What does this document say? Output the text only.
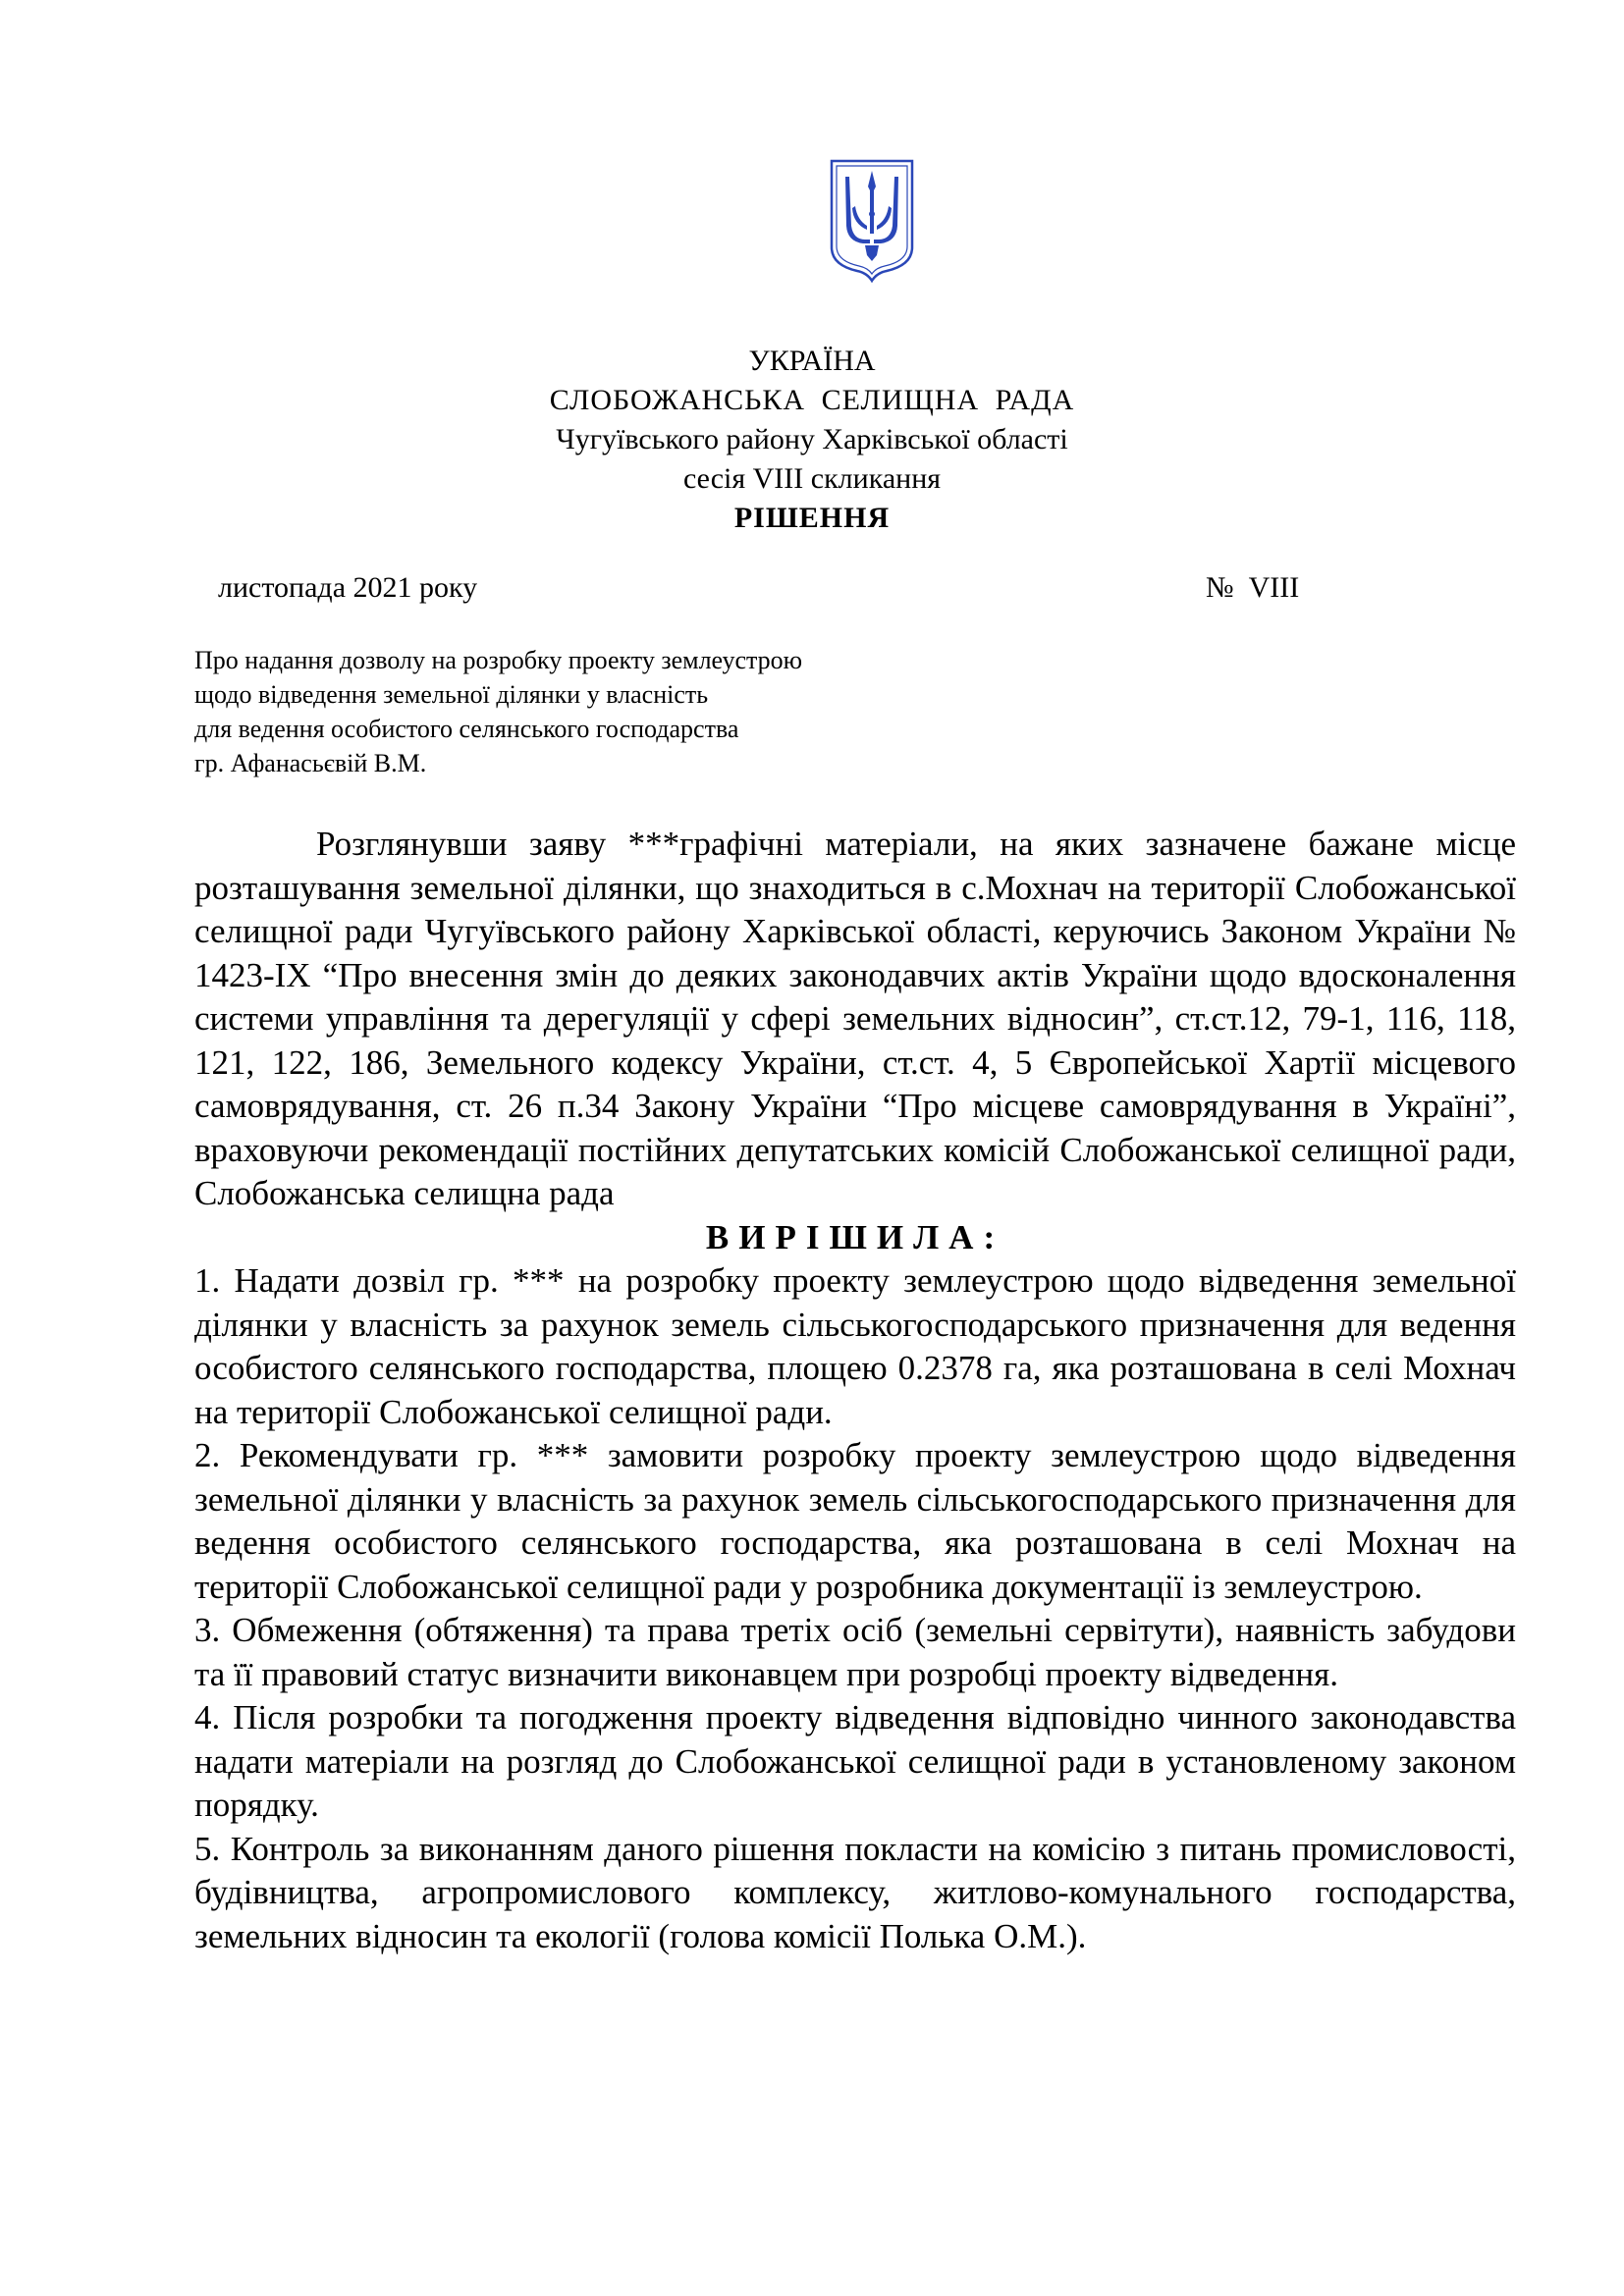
УКРАЇНА
СЛОБОЖАНСЬКА СЕЛИЩНА РАДА
Чугуївського району Харківської області
сесія VIII скликання
РІШЕННЯ
листопада 2021 року	№ VIII
Про надання дозволу на розробку проекту землеустрою
щодо відведення земельної ділянки у власність
для ведення особистого селянського господарства
гр. Афанасьєвій В.М.

Розглянувши заяву ***графічні матеріали, на яких зазначене бажане місце розташування земельної ділянки, що знаходиться в с.Мохнач на території Слобожанської селищної ради Чугуївського району Харківської області, керуючись Законом України № 1423-IX “Про внесення змін до деяких законодавчих актів України щодо вдосконалення системи управління та дерегуляції у сфері земельних відносин”, ст.ст.12, 79-1, 116, 118, 121, 122, 186, Земельного кодексу України, ст.ст. 4, 5 Європейської Хартії місцевого самоврядування, ст. 26 п.34 Закону України “Про місцеве самоврядування в Україні”, враховуючи рекомендації постійних депутатських комісій Слобожанської селищної ради, Слобожанська селищна рада

ВИРІШИЛА:

1. Надати дозвіл гр. *** на розробку проекту землеустрою щодо відведення земельної ділянки у власність за рахунок земель сільськогосподарського призначення для ведення особистого селянського господарства, площею 0.2378 га, яка розташована в селі Мохнач на території Слобожанської селищної ради.

2. Рекомендувати гр. *** замовити розробку проекту землеустрою щодо відведення земельної ділянки у власність за рахунок земель сільськогосподарського призначення для ведення особистого селянського господарства, яка розташована в селі Мохнач на території Слобожанської селищної ради у розробника документації із землеустрою.

3. Обмеження (обтяження) та права третіх осіб (земельні сервітути), наявність забудови та її правовий статус визначити виконавцем при розробці проекту відведення.

4. Після розробки та погодження проекту відведення відповідно чинного законодавства надати матеріали на розгляд до Слобожанської селищної ради в установленому законом порядку.

5. Контроль за виконанням даного рішення покласти на комісію з питань промисловості, будівництва, агропромислового комплексу, житлово-комунального господарства, земельних відносин та екології (голова комісії Полька О.М.).
